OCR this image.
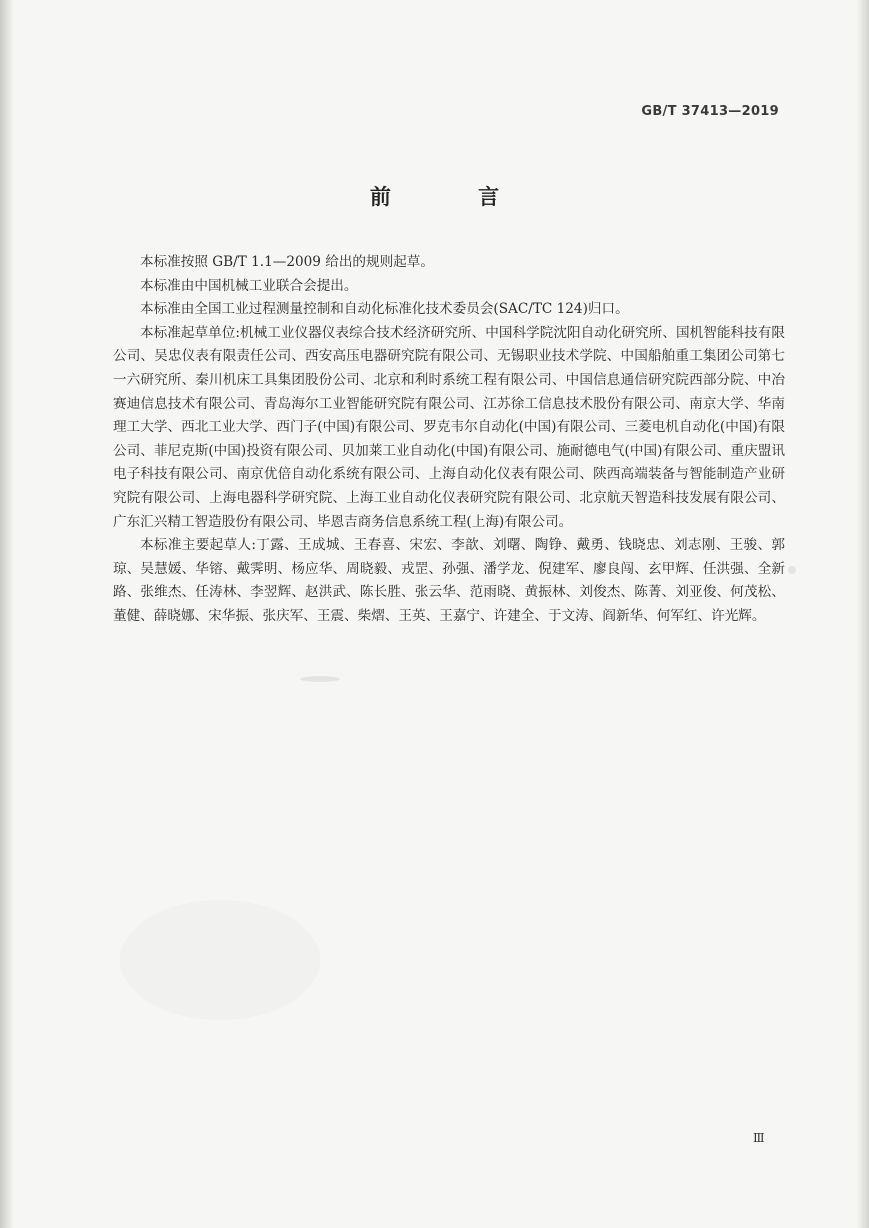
GB/T 37413—2019
前 言

本标准按照 GB/T 1.1—2009 给出的规则起草。

本标准由中国机械工业联合会提出。

本标准由全国工业过程测量控制和自动化标准化技术委员会(SAC/TC 124)归口。

本标准起草单位:机械工业仪器仪表综合技术经济研究所、中国科学院沈阳自动化研究所、国机智能科技有限公司、吴忠仪表有限责任公司、西安高压电器研究院有限公司、无锡职业技术学院、中国船舶重工集团公司第七一六研究所、秦川机床工具集团股份公司、北京和利时系统工程有限公司、中国信息通信研究院西部分院、中冶赛迪信息技术有限公司、青岛海尔工业智能研究院有限公司、江苏徐工信息技术股份有限公司、南京大学、华南理工大学、西北工业大学、西门子(中国)有限公司、罗克韦尔自动化(中国)有限公司、三菱电机自动化(中国)有限公司、菲尼克斯(中国)投资有限公司、贝加莱工业自动化(中国)有限公司、施耐德电气(中国)有限公司、重庆盟讯电子科技有限公司、南京优倍自动化系统有限公司、上海自动化仪表有限公司、陕西高端装备与智能制造产业研究院有限公司、上海电器科学研究院、上海工业自动化仪表研究院有限公司、北京航天智造科技发展有限公司、广东汇兴精工智造股份有限公司、毕恩吉商务信息系统工程(上海)有限公司。

本标准主要起草人:丁露、王成城、王春喜、宋宏、李歆、刘曙、陶铮、戴勇、钱晓忠、刘志刚、王骏、郭琼、吴慧媛、华镕、戴霁明、杨应华、周晓毅、戎罡、孙强、潘学龙、倪建军、廖良闯、玄甲辉、任洪强、全新路、张维杰、任涛林、李翌辉、赵洪武、陈长胜、张云华、范雨晓、黄振林、刘俊杰、陈菁、刘亚俊、何茂松、董健、薛晓娜、宋华振、张庆军、王震、柴熠、王英、王嘉宁、许建全、于文涛、阎新华、何军红、许光辉。

Ⅲ
